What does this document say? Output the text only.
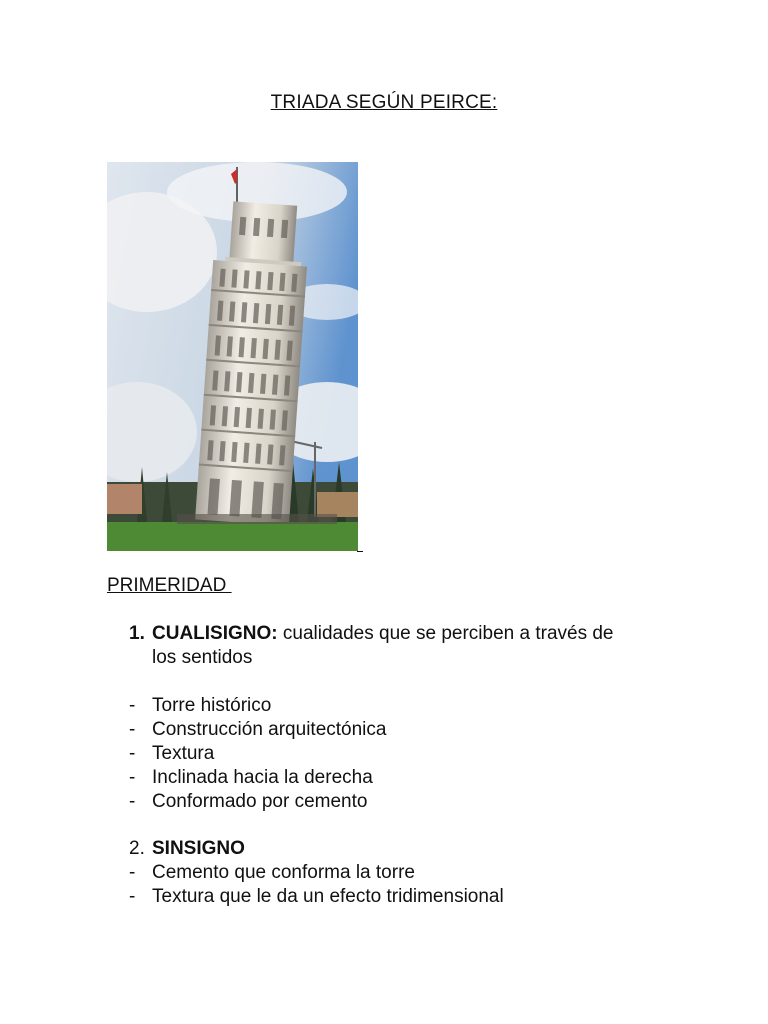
TRIADA SEGÚN PEIRCE:
PRIMERIDAD
1. CUALISIGNO: cualidades que se perciben a través de
los sentidos
- Torre histórico
- Construcción arquitectónica
- Textura
- Inclinada hacia la derecha
- Conformado por cemento
2. SINSIGNO
- Cemento que conforma la torre
- Textura que le da un efecto tridimensional
